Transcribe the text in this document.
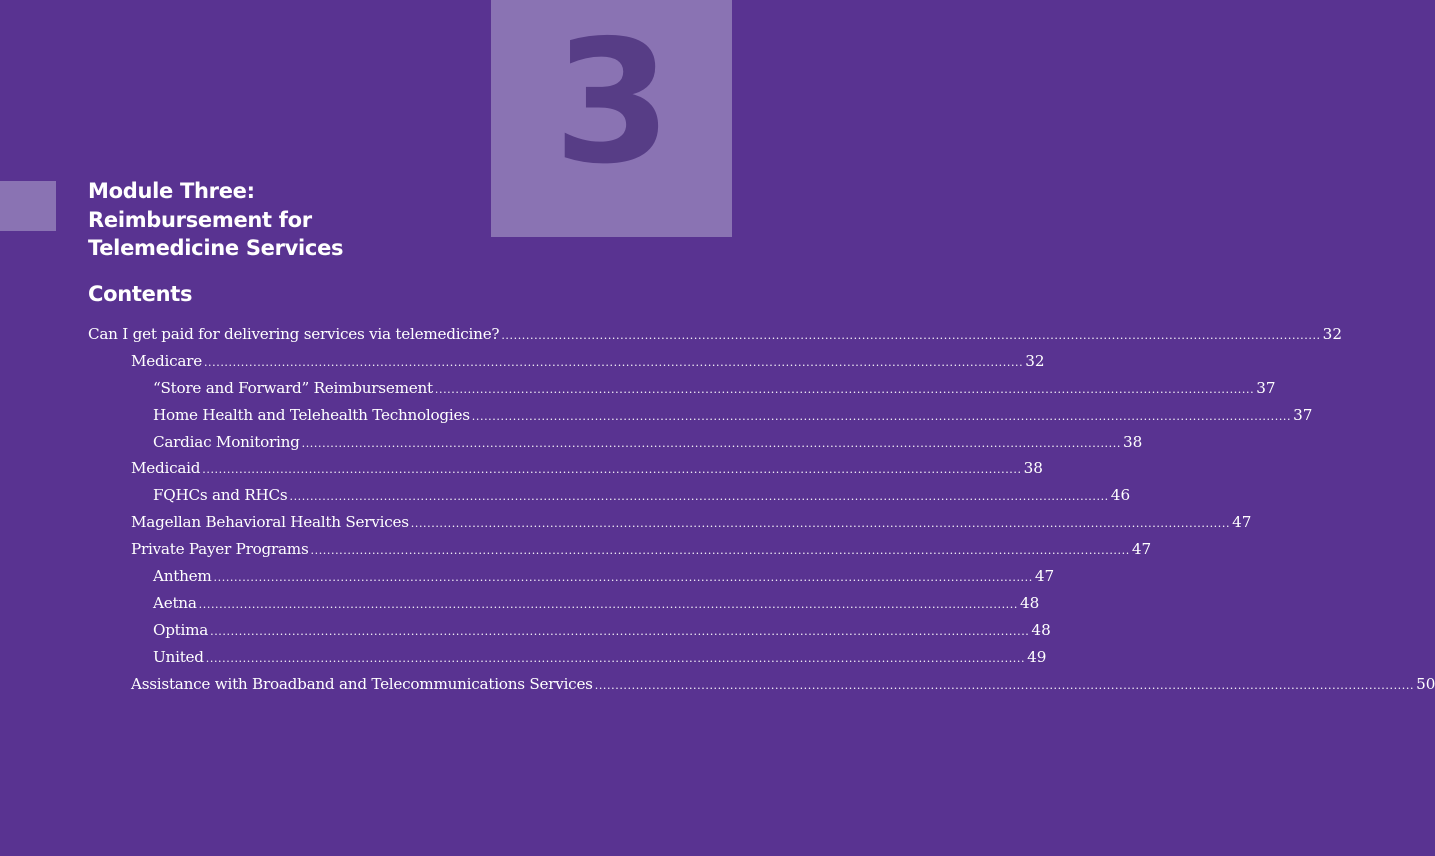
3
Module Three:
Reimbursement for
Telemedicine Services
Contents
Can I get paid for delivering services via telemedicine? ........................................................................................................................................................................................................ 32
Medicare ........................................................................................................................................................................................................ 32
“Store and Forward” Reimbursement ........................................................................................................................................................................................................ 37
Home Health and Telehealth Technologies ........................................................................................................................................................................................................ 37
Cardiac Monitoring ........................................................................................................................................................................................................ 38
Medicaid ........................................................................................................................................................................................................ 38
FQHCs and RHCs ........................................................................................................................................................................................................ 46
Magellan Behavioral Health Services ........................................................................................................................................................................................................ 47
Private Payer Programs ........................................................................................................................................................................................................ 47
Anthem ........................................................................................................................................................................................................ 47
Aetna ........................................................................................................................................................................................................ 48
Optima ........................................................................................................................................................................................................ 48
United ........................................................................................................................................................................................................ 49
Assistance with Broadband and Telecommunications Services ........................................................................................................................................................................................................ 50
